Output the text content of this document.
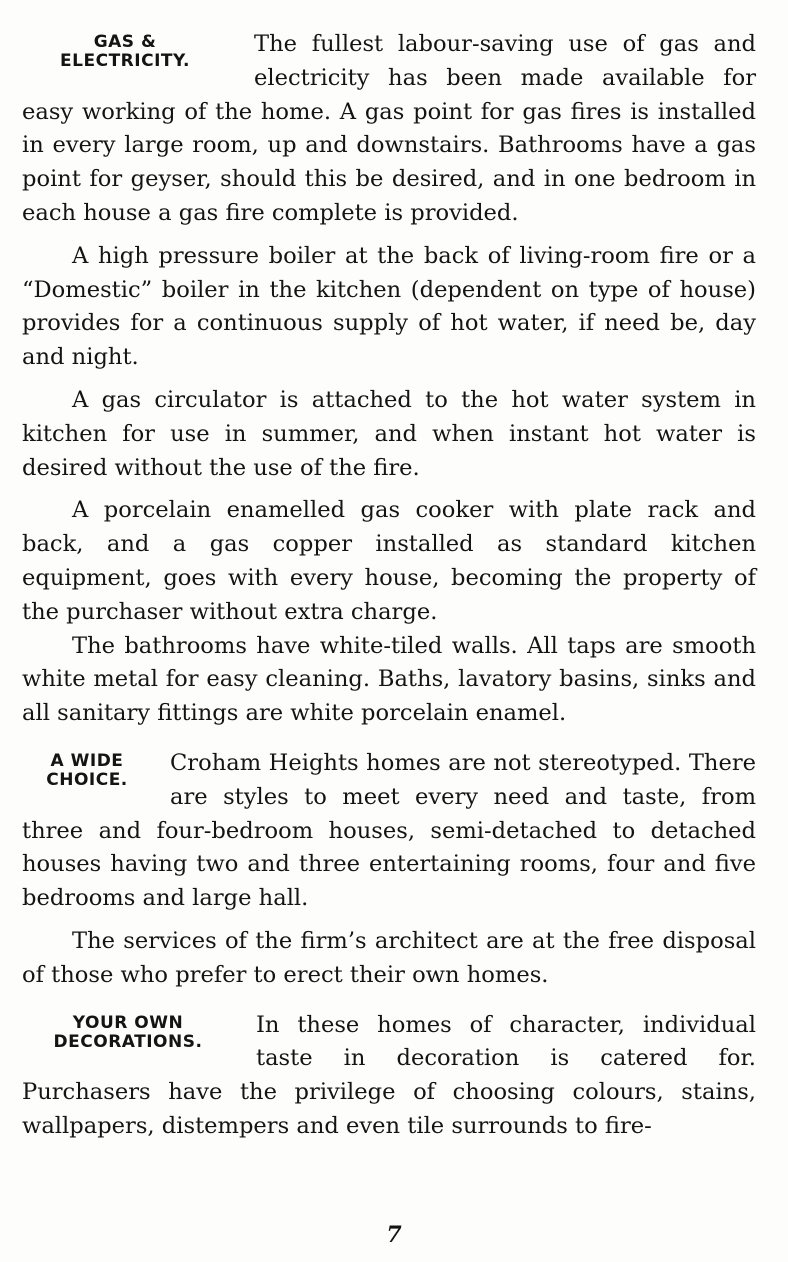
GAS &
ELECTRICITY.

The fullest labour-saving use of gas and electricity has been made available for easy working of the home. A gas point for gas fires is installed in every large room, up and downstairs. Bathrooms have a gas point for geyser, should this be desired, and in one bedroom in each house a gas fire complete is provided.

A high pressure boiler at the back of living-room fire or a “Domestic” boiler in the kitchen (dependent on type of house) provides for a continuous supply of hot water, if need be, day and night.

A gas circulator is attached to the hot water system in kitchen for use in summer, and when instant hot water is desired without the use of the fire.

A porcelain enamelled gas cooker with plate rack and back, and a gas copper installed as standard kitchen equipment, goes with every house, becoming the property of the purchaser without extra charge.

The bathrooms have white-tiled walls. All taps are smooth white metal for easy cleaning. Baths, lavatory basins, sinks and all sanitary fittings are white porcelain enamel.

A WIDE
CHOICE.

Croham Heights homes are not stereotyped. There are styles to meet every need and taste, from three and four-bedroom houses, semi-detached to detached houses having two and three entertaining rooms, four and five bedrooms and large hall.

The services of the firm’s architect are at the free disposal of those who prefer to erect their own homes.

YOUR OWN
DECORATIONS.

In these homes of character, individual taste in decoration is catered for. Purchasers have the privilege of choosing colours, stains, wallpapers, distempers and even tile surrounds to fire-

7
